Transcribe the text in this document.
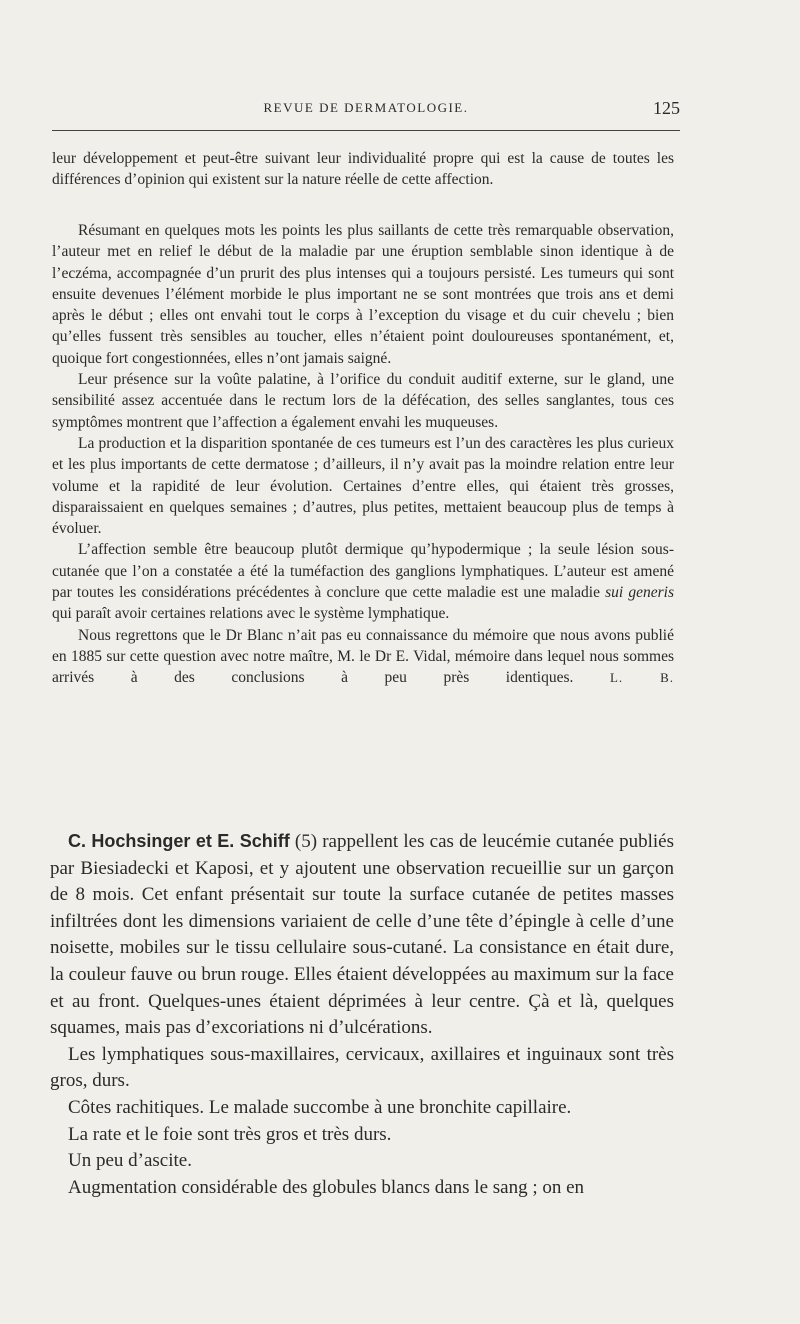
REVUE DE DERMATOLOGIE.	125

leur développement et peut-être suivant leur individualité propre qui est la cause de toutes les différences d’opinion qui existent sur la nature réelle de cette affection.

Résumant en quelques mots les points les plus saillants de cette très remarquable observation, l’auteur met en relief le début de la maladie par une éruption semblable sinon identique à de l’eczéma, accompagnée d’un prurit des plus intenses qui a toujours persisté. Les tumeurs qui sont ensuite devenues l’élément morbide le plus important ne se sont montrées que trois ans et demi après le début ; elles ont envahi tout le corps à l’exception du visage et du cuir chevelu ; bien qu’elles fussent très sensibles au toucher, elles n’étaient point douloureuses spontanément, et, quoique fort congestionnées, elles n’ont jamais saigné.

Leur présence sur la voûte palatine, à l’orifice du conduit auditif externe, sur le gland, une sensibilité assez accentuée dans le rectum lors de la défécation, des selles sanglantes, tous ces symptômes montrent que l’affection a également envahi les muqueuses.

La production et la disparition spontanée de ces tumeurs est l’un des caractères les plus curieux et les plus importants de cette dermatose ; d’ailleurs, il n’y avait pas la moindre relation entre leur volume et la rapidité de leur évolution. Certaines d’entre elles, qui étaient très grosses, disparaissaient en quelques semaines ; d’autres, plus petites, mettaient beaucoup plus de temps à évoluer.

L’affection semble être beaucoup plutôt dermique qu’hypodermique ; la seule lésion sous-cutanée que l’on a constatée a été la tuméfaction des ganglions lymphatiques. L’auteur est amené par toutes les considérations précédentes à conclure que cette maladie est une maladie sui generis qui paraît avoir certaines relations avec le système lymphatique.

Nous regrettons que le Dr Blanc n’ait pas eu connaissance du mémoire que nous avons publié en 1885 sur cette question avec notre maître, M. le Dr E. Vidal, mémoire dans lequel nous sommes arrivés à des conclusions à peu près identiques.	L. B.

C. Hochsinger et E. Schiff (5) rappellent les cas de leucémie cutanée publiés par Biesiadecki et Kaposi, et y ajoutent une observation recueillie sur un garçon de 8 mois. Cet enfant présentait sur toute la surface cutanée de petites masses infiltrées dont les dimensions variaient de celle d’une tête d’épingle à celle d’une noisette, mobiles sur le tissu cellulaire sous-cutané. La consistance en était dure, la couleur fauve ou brun rouge. Elles étaient développées au maximum sur la face et au front. Quelques-unes étaient déprimées à leur centre. Çà et là, quelques squames, mais pas d’excoriations ni d’ulcérations.

Les lymphatiques sous-maxillaires, cervicaux, axillaires et inguinaux sont très gros, durs.

Côtes rachitiques. Le malade succombe à une bronchite capillaire.

La rate et le foie sont très gros et très durs.

Un peu d’ascite.

Augmentation considérable des globules blancs dans le sang ; on en
